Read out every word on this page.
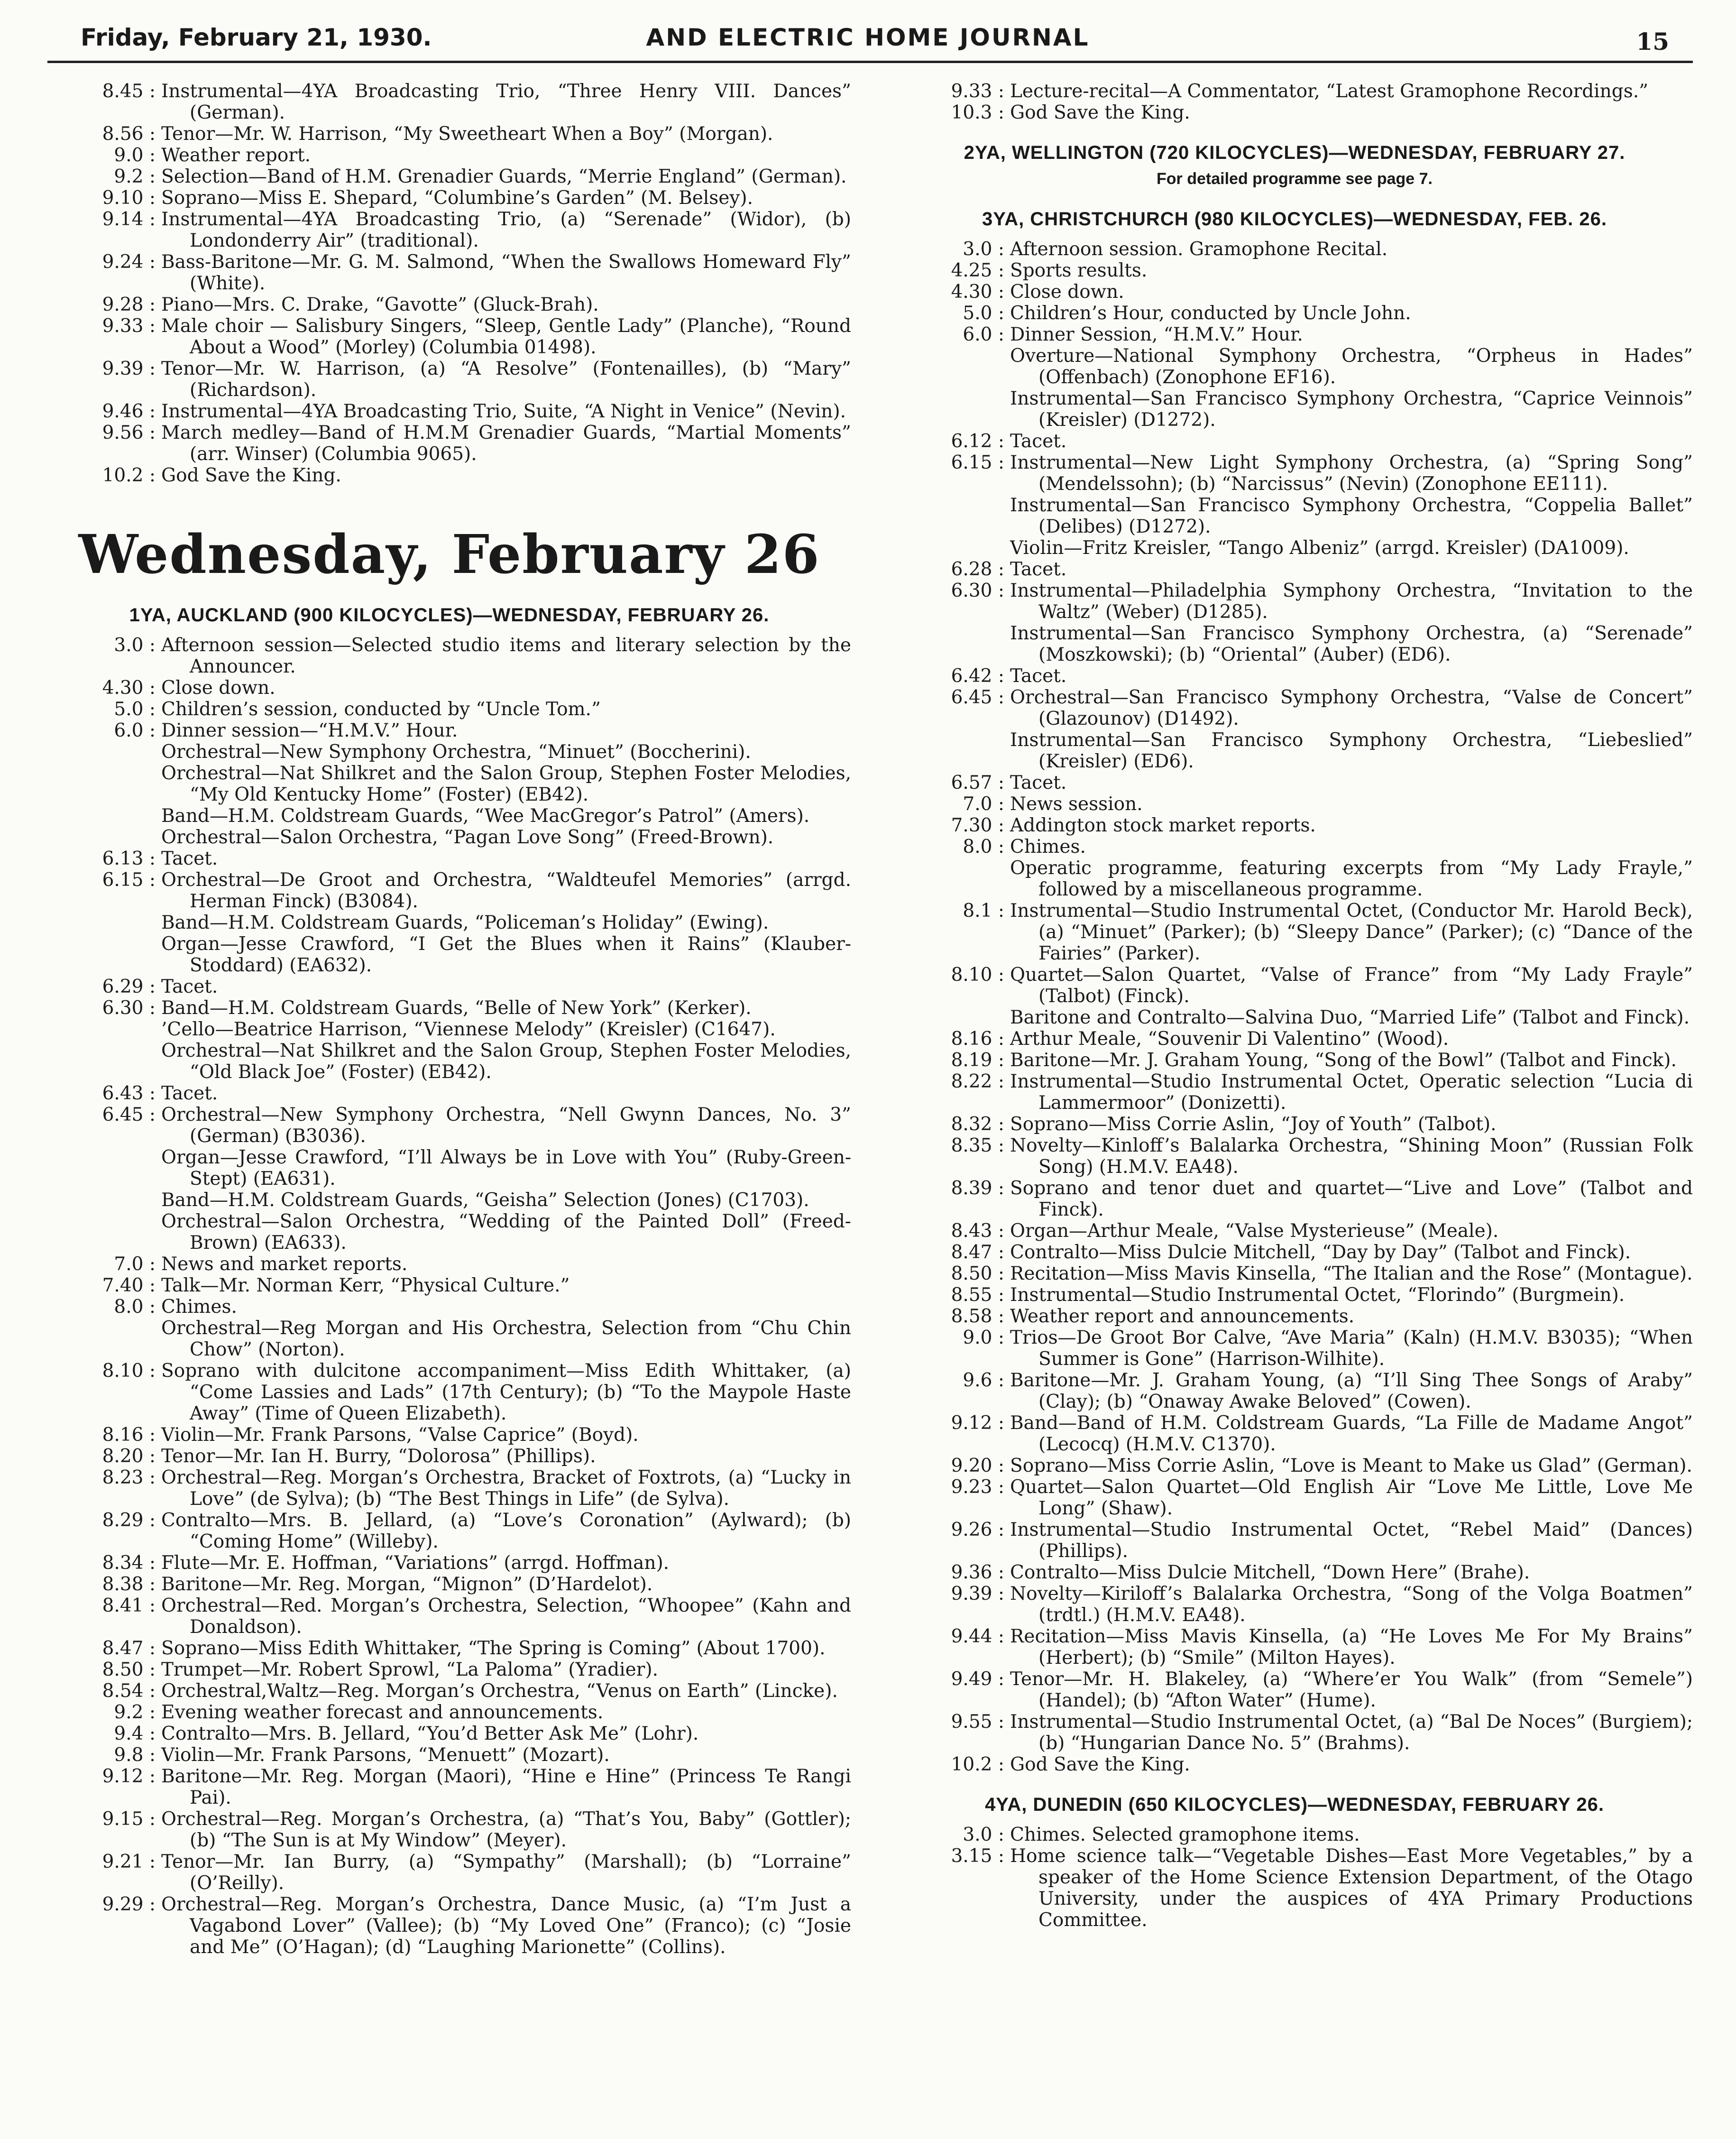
Friday, February 21, 1930.	AND ELECTRIC HOME JOURNAL	15
8.45 : Instrumental—4YA Broadcasting Trio, “Three Henry VIII. Dances” (German).
8.56 : Tenor—Mr. W. Harrison, “My Sweetheart When a Boy” (Morgan).
9.0 : Weather report.
9.2 : Selection—Band of H.M. Grenadier Guards, “Merrie England” (German).
9.10 : Soprano—Miss E. Shepard, “Columbine’s Garden” (M. Belsey).
9.14 : Instrumental—4YA Broadcasting Trio, (a) “Serenade” (Widor), (b) Londonderry Air” (traditional).
9.24 : Bass-Baritone—Mr. G. M. Salmond, “When the Swallows Homeward Fly” (White).
9.28 : Piano—Mrs. C. Drake, “Gavotte” (Gluck-Brah).
9.33 : Male choir — Salisbury Singers, “Sleep, Gentle Lady” (Planche), “Round About a Wood” (Morley) (Columbia 01498).
9.39 : Tenor—Mr. W. Harrison, (a) “A Resolve” (Fontenailles), (b) “Mary” (Richardson).
9.46 : Instrumental—4YA Broadcasting Trio, Suite, “A Night in Venice” (Nevin).
9.56 : March medley—Band of H.M.M Grenadier Guards, “Martial Moments” (arr. Winser) (Columbia 9065).
10.2 : God Save the King.
Wednesday, February 26
1YA, AUCKLAND (900 KILOCYCLES)—WEDNESDAY, FEBRUARY 26.
3.0 : Afternoon session—Selected studio items and literary selection by the Announcer.
4.30 : Close down.
5.0 : Children’s session, conducted by “Uncle Tom.”
6.0 : Dinner session—“H.M.V.” Hour.
Orchestral—New Symphony Orchestra, “Minuet” (Boccherini).
Orchestral—Nat Shilkret and the Salon Group, Stephen Foster Melodies, “My Old Kentucky Home” (Foster) (EB42).
Band—H.M. Coldstream Guards, “Wee MacGregor’s Patrol” (Amers).
Orchestral—Salon Orchestra, “Pagan Love Song” (Freed-Brown).
6.13 : Tacet.
6.15 : Orchestral—De Groot and Orchestra, “Waldteufel Memories” (arrgd. Herman Finck) (B3084).
Band—H.M. Coldstream Guards, “Policeman’s Holiday” (Ewing).
Organ—Jesse Crawford, “I Get the Blues when it Rains” (Klauber-Stoddard) (EA632).
6.29 : Tacet.
6.30 : Band—H.M. Coldstream Guards, “Belle of New York” (Kerker).
’Cello—Beatrice Harrison, “Viennese Melody” (Kreisler) (C1647).
Orchestral—Nat Shilkret and the Salon Group, Stephen Foster Melodies, “Old Black Joe” (Foster) (EB42).
6.43 : Tacet.
6.45 : Orchestral—New Symphony Orchestra, “Nell Gwynn Dances, No. 3” (German) (B3036).
Organ—Jesse Crawford, “I’ll Always be in Love with You” (Ruby-Green-Stept) (EA631).
Band—H.M. Coldstream Guards, “Geisha” Selection (Jones) (C1703).
Orchestral—Salon Orchestra, “Wedding of the Painted Doll” (Freed-Brown) (EA633).
7.0 : News and market reports.
7.40 : Talk—Mr. Norman Kerr, “Physical Culture.”
8.0 : Chimes.
Orchestral—Reg Morgan and His Orchestra, Selection from “Chu Chin Chow” (Norton).
8.10 : Soprano with dulcitone accompaniment—Miss Edith Whittaker, (a) “Come Lassies and Lads” (17th Century); (b) “To the Maypole Haste Away” (Time of Queen Elizabeth).
8.16 : Violin—Mr. Frank Parsons, “Valse Caprice” (Boyd).
8.20 : Tenor—Mr. Ian H. Burry, “Dolorosa” (Phillips).
8.23 : Orchestral—Reg. Morgan’s Orchestra, Bracket of Foxtrots, (a) “Lucky in Love” (de Sylva); (b) “The Best Things in Life” (de Sylva).
8.29 : Contralto—Mrs. B. Jellard, (a) “Love’s Coronation” (Aylward); (b) “Coming Home” (Willeby).
8.34 : Flute—Mr. E. Hoffman, “Variations” (arrgd. Hoffman).
8.38 : Baritone—Mr. Reg. Morgan, “Mignon” (D’Hardelot).
8.41 : Orchestral—Red. Morgan’s Orchestra, Selection, “Whoopee” (Kahn and Donaldson).
8.47 : Soprano—Miss Edith Whittaker, “The Spring is Coming” (About 1700).
8.50 : Trumpet—Mr. Robert Sprowl, “La Paloma” (Yradier).
8.54 : Orchestral,Waltz—Reg. Morgan’s Orchestra, “Venus on Earth” (Lincke).
9.2 : Evening weather forecast and announcements.
9.4 : Contralto—Mrs. B. Jellard, “You’d Better Ask Me” (Lohr).
9.8 : Violin—Mr. Frank Parsons, “Menuett” (Mozart).
9.12 : Baritone—Mr. Reg. Morgan (Maori), “Hine e Hine” (Princess Te Rangi Pai).
9.15 : Orchestral—Reg. Morgan’s Orchestra, (a) “That’s You, Baby” (Gottler); (b) “The Sun is at My Window” (Meyer).
9.21 : Tenor—Mr. Ian Burry, (a) “Sympathy” (Marshall); (b) “Lorraine” (O’Reilly).
9.29 : Orchestral—Reg. Morgan’s Orchestra, Dance Music, (a) “I’m Just a Vagabond Lover” (Vallee); (b) “My Loved One” (Franco); (c) “Josie and Me” (O’Hagan); (d) “Laughing Marionette” (Collins).
9.33 : Lecture-recital—A Commentator, “Latest Gramophone Recordings.”
10.3 : God Save the King.
2YA, WELLINGTON (720 KILOCYCLES)—WEDNESDAY, FEBRUARY 27.
For detailed programme see page 7.
3YA, CHRISTCHURCH (980 KILOCYCLES)—WEDNESDAY, FEB. 26.
3.0 : Afternoon session. Gramophone Recital.
4.25 : Sports results.
4.30 : Close down.
5.0 : Children’s Hour, conducted by Uncle John.
6.0 : Dinner Session, “H.M.V.” Hour.
Overture—National Symphony Orchestra, “Orpheus in Hades” (Offenbach) (Zonophone EF16).
Instrumental—San Francisco Symphony Orchestra, “Caprice Veinnois” (Kreisler) (D1272).
6.12 : Tacet.
6.15 : Instrumental—New Light Symphony Orchestra, (a) “Spring Song” (Mendelssohn); (b) “Narcissus” (Nevin) (Zonophone EE111).
Instrumental—San Francisco Symphony Orchestra, “Coppelia Ballet” (Delibes) (D1272).
Violin—Fritz Kreisler, “Tango Albeniz” (arrgd. Kreisler) (DA1009).
6.28 : Tacet.
6.30 : Instrumental—Philadelphia Symphony Orchestra, “Invitation to the Waltz” (Weber) (D1285).
Instrumental—San Francisco Symphony Orchestra, (a) “Serenade” (Moszkowski); (b) “Oriental” (Auber) (ED6).
6.42 : Tacet.
6.45 : Orchestral—San Francisco Symphony Orchestra, “Valse de Concert” (Glazounov) (D1492).
Instrumental—San Francisco Symphony Orchestra, “Liebeslied” (Kreisler) (ED6).
6.57 : Tacet.
7.0 : News session.
7.30 : Addington stock market reports.
8.0 : Chimes.
Operatic programme, featuring excerpts from “My Lady Frayle,” followed by a miscellaneous programme.
8.1 : Instrumental—Studio Instrumental Octet, (Conductor Mr. Harold Beck), (a) “Minuet” (Parker); (b) “Sleepy Dance” (Parker); (c) “Dance of the Fairies” (Parker).
8.10 : Quartet—Salon Quartet, “Valse of France” from “My Lady Frayle” (Talbot) (Finck).
Baritone and Contralto—Salvina Duo, “Married Life” (Talbot and Finck).
8.16 : Arthur Meale, “Souvenir Di Valentino” (Wood).
8.19 : Baritone—Mr. J. Graham Young, “Song of the Bowl” (Talbot and Finck).
8.22 : Instrumental—Studio Instrumental Octet, Operatic selection “Lucia di Lammermoor” (Donizetti).
8.32 : Soprano—Miss Corrie Aslin, “Joy of Youth” (Talbot).
8.35 : Novelty—Kinloff’s Balalarka Orchestra, “Shining Moon” (Russian Folk Song) (H.M.V. EA48).
8.39 : Soprano and tenor duet and quartet—“Live and Love” (Talbot and Finck).
8.43 : Organ—Arthur Meale, “Valse Mysterieuse” (Meale).
8.47 : Contralto—Miss Dulcie Mitchell, “Day by Day” (Talbot and Finck).
8.50 : Recitation—Miss Mavis Kinsella, “The Italian and the Rose” (Montague).
8.55 : Instrumental—Studio Instrumental Octet, “Florindo” (Burgmein).
8.58 : Weather report and announcements.
9.0 : Trios—De Groot Bor Calve, “Ave Maria” (Kaln) (H.M.V. B3035); “When Summer is Gone” (Harrison-Wilhite).
9.6 : Baritone—Mr. J. Graham Young, (a) “I’ll Sing Thee Songs of Araby” (Clay); (b) “Onaway Awake Beloved” (Cowen).
9.12 : Band—Band of H.M. Coldstream Guards, “La Fille de Madame Angot” (Lecocq) (H.M.V. C1370).
9.20 : Soprano—Miss Corrie Aslin, “Love is Meant to Make us Glad” (German).
9.23 : Quartet—Salon Quartet—Old English Air “Love Me Little, Love Me Long” (Shaw).
9.26 : Instrumental—Studio Instrumental Octet, “Rebel Maid” (Dances) (Phillips).
9.36 : Contralto—Miss Dulcie Mitchell, “Down Here” (Brahe).
9.39 : Novelty—Kiriloff’s Balalarka Orchestra, “Song of the Volga Boatmen” (trdtl.) (H.M.V. EA48).
9.44 : Recitation—Miss Mavis Kinsella, (a) “He Loves Me For My Brains” (Herbert); (b) “Smile” (Milton Hayes).
9.49 : Tenor—Mr. H. Blakeley, (a) “Where’er You Walk” (from “Semele”) (Handel); (b) “Afton Water” (Hume).
9.55 : Instrumental—Studio Instrumental Octet, (a) “Bal De Noces” (Burgiem); (b) “Hungarian Dance No. 5” (Brahms).
10.2 : God Save the King.
4YA, DUNEDIN (650 KILOCYCLES)—WEDNESDAY, FEBRUARY 26.
3.0 : Chimes. Selected gramophone items.
3.15 : Home science talk—“Vegetable Dishes—East More Vegetables,” by a speaker of the Home Science Extension Department, of the Otago University, under the auspices of 4YA Primary Productions Committee.
